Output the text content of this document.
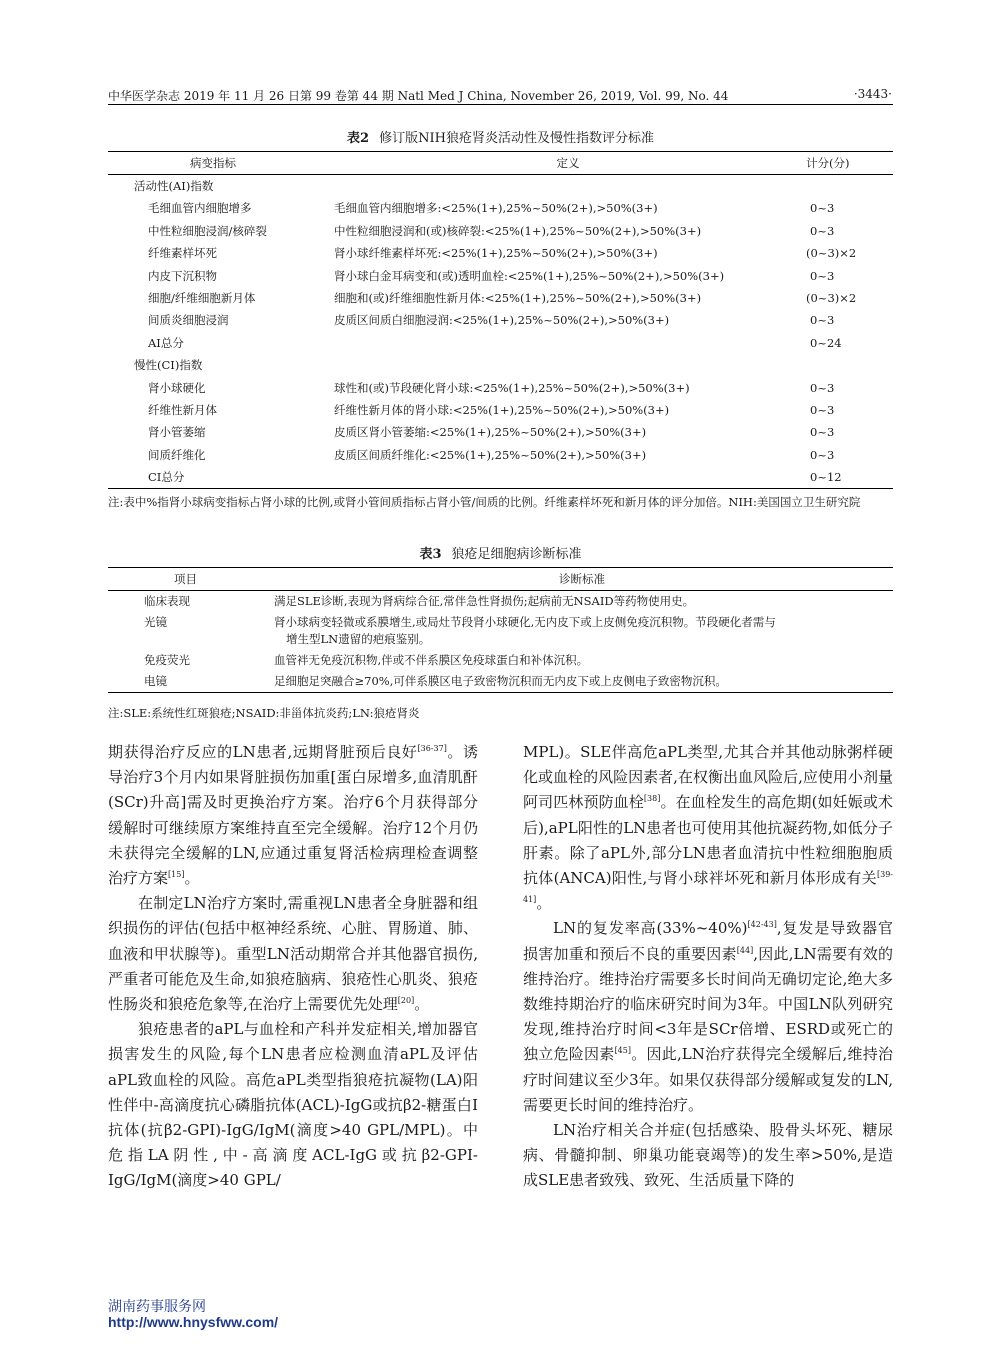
中华医学杂志 2019 年 11 月 26 日第 99 卷第 44 期 Natl Med J China, November 26, 2019, Vol. 99, No. 44	·3443·
表2 修订版NIH狼疮肾炎活动性及慢性指数评分标准
病变指标	定义	计分(分)
活动性(AI)指数		
毛细血管内细胞增多	毛细血管内细胞增多:<25%(1+),25%~50%(2+),>50%(3+)	0~3
中性粒细胞浸润/核碎裂	中性粒细胞浸润和(或)核碎裂:<25%(1+),25%~50%(2+),>50%(3+)	0~3
纤维素样坏死	肾小球纤维素样坏死:<25%(1+),25%~50%(2+),>50%(3+)	(0~3)×2
内皮下沉积物	肾小球白金耳病变和(或)透明血栓:<25%(1+),25%~50%(2+),>50%(3+)	0~3
细胞/纤维细胞新月体	细胞和(或)纤维细胞性新月体:<25%(1+),25%~50%(2+),>50%(3+)	(0~3)×2
间质炎细胞浸润	皮质区间质白细胞浸润:<25%(1+),25%~50%(2+),>50%(3+)	0~3
AI总分		0~24
慢性(CI)指数		
肾小球硬化	球性和(或)节段硬化肾小球:<25%(1+),25%~50%(2+),>50%(3+)	0~3
纤维性新月体	纤维性新月体的肾小球:<25%(1+),25%~50%(2+),>50%(3+)	0~3
肾小管萎缩	皮质区肾小管萎缩:<25%(1+),25%~50%(2+),>50%(3+)	0~3
间质纤维化	皮质区间质纤维化:<25%(1+),25%~50%(2+),>50%(3+)	0~3
CI总分		0~12
注:表中%指肾小球病变指标占肾小球的比例,或肾小管间质指标占肾小管/间质的比例。纤维素样坏死和新月体的评分加倍。NIH:美国国立卫生研究院
表3 狼疮足细胞病诊断标准
项目	诊断标准
临床表现	满足SLE诊断,表现为肾病综合征,常伴急性肾损伤;起病前无NSAID等药物使用史。
光镜	肾小球病变轻微或系膜增生,或局灶节段肾小球硬化,无内皮下或上皮侧免疫沉积物。节段硬化者需与
增生型LN遗留的疤痕鉴别。
免疫荧光	血管袢无免疫沉积物,伴或不伴系膜区免疫球蛋白和补体沉积。
电镜	足细胞足突融合≥70%,可伴系膜区电子致密物沉积而无内皮下或上皮侧电子致密物沉积。
注:SLE:系统性红斑狼疮;NSAID:非甾体抗炎药;LN:狼疮肾炎

期获得治疗反应的LN患者,远期肾脏预后良好[36-37]。诱导治疗3个月内如果肾脏损伤加重[蛋白尿增多,血清肌酐(SCr)升高]需及时更换治疗方案。治疗6个月获得部分缓解时可继续原方案维持直至完全缓解。治疗12个月仍未获得完全缓解的LN,应通过重复肾活检病理检查调整治疗方案[15]。

在制定LN治疗方案时,需重视LN患者全身脏器和组织损伤的评估(包括中枢神经系统、心脏、胃肠道、肺、血液和甲状腺等)。重型LN活动期常合并其他器官损伤,严重者可能危及生命,如狼疮脑病、狼疮性心肌炎、狼疮性肠炎和狼疮危象等,在治疗上需要优先处理[20]。

狼疮患者的aPL与血栓和产科并发症相关,增加器官损害发生的风险,每个LN患者应检测血清aPL及评估aPL致血栓的风险。高危aPL类型指狼疮抗凝物(LA)阳性伴中-高滴度抗心磷脂抗体(ACL)-IgG或抗β2-糖蛋白Ⅰ抗体(抗β2-GPI)-IgG/IgM(滴度>40 GPL/MPL)。中危指LA阴性,中-高滴度ACL-IgG或抗β2-GPI-IgG/IgM(滴度>40 GPL/

MPL)。SLE伴高危aPL类型,尤其合并其他动脉粥样硬化或血栓的风险因素者,在权衡出血风险后,应使用小剂量阿司匹林预防血栓[38]。在血栓发生的高危期(如妊娠或术后),aPL阳性的LN患者也可使用其他抗凝药物,如低分子肝素。除了aPL外,部分LN患者血清抗中性粒细胞胞质抗体(ANCA)阳性,与肾小球袢坏死和新月体形成有关[39-41]。

LN的复发率高(33%~40%)[42-43],复发是导致器官损害加重和预后不良的重要因素[44],因此,LN需要有效的维持治疗。维持治疗需要多长时间尚无确切定论,绝大多数维持期治疗的临床研究时间为3年。中国LN队列研究发现,维持治疗时间<3年是SCr倍增、ESRD或死亡的独立危险因素[45]。因此,LN治疗获得完全缓解后,维持治疗时间建议至少3年。如果仅获得部分缓解或复发的LN,需要更长时间的维持治疗。

LN治疗相关合并症(包括感染、股骨头坏死、糖尿病、骨髓抑制、卵巢功能衰竭等)的发生率>50%,是造成SLE患者致残、致死、生活质量下降的

湖南药事服务网
http://www.hnysfww.com/
